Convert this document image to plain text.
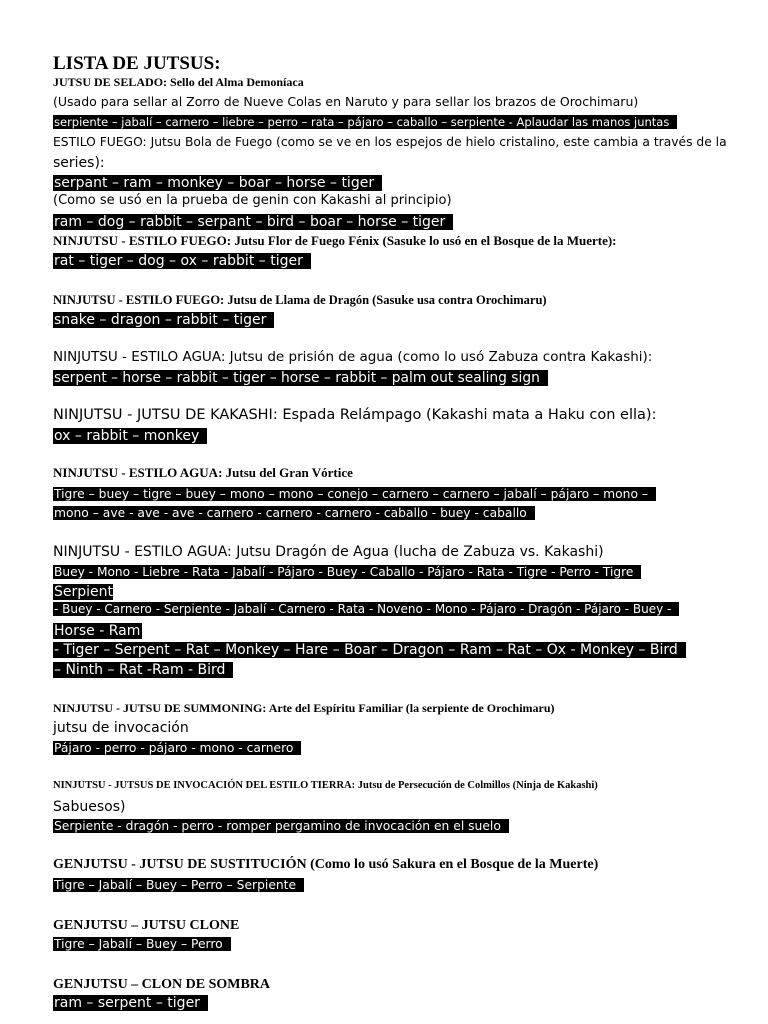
LISTA DE JUTSUS:
JUTSU DE SELADO: Sello del Alma Demoníaca
(Usado para sellar al Zorro de Nueve Colas en Naruto y para sellar los brazos de Orochimaru)
serpiente – jabalí – carnero – liebre – perro – rata – pájaro – caballo – serpiente - Aplaudar las manos juntas
ESTILO FUEGO: Jutsu Bola de Fuego (como se ve en los espejos de hielo cristalino, este cambia a través de la
series):
serpant – ram – monkey – boar – horse – tiger
(Como se usó en la prueba de genin con Kakashi al principio)
ram – dog – rabbit – serpant – bird – boar – horse – tiger
NINJUTSU - ESTILO FUEGO: Jutsu Flor de Fuego Fénix (Sasuke lo usó en el Bosque de la Muerte):
rat – tiger – dog – ox – rabbit – tiger
NINJUTSU - ESTILO FUEGO: Jutsu de Llama de Dragón (Sasuke usa contra Orochimaru)
snake – dragon – rabbit – tiger
NINJUTSU - ESTILO AGUA: Jutsu de prisión de agua (como lo usó Zabuza contra Kakashi):
serpent – horse – rabbit – tiger – horse – rabbit – palm out sealing sign
NINJUTSU - JUTSU DE KAKASHI: Espada Relámpago (Kakashi mata a Haku con ella):
ox – rabbit – monkey
NINJUTSU - ESTILO AGUA: Jutsu del Gran Vórtice
Tigre – buey – tigre – buey – mono – mono – conejo – carnero – carnero – jabalí – pájaro – mono –
mono – ave - ave - ave - carnero - carnero - carnero - caballo - buey - caballo
NINJUTSU - ESTILO AGUA: Jutsu Dragón de Agua (lucha de Zabuza vs. Kakashi)
Buey - Mono - Liebre - Rata - Jabalí - Pájaro - Buey - Caballo - Pájaro - Rata - Tigre - Perro - Tigre
Serpient
- Buey - Carnero - Serpiente - Jabalí - Carnero - Rata - Noveno - Mono - Pájaro - Dragón - Pájaro - Buey -
Horse - Ram
- Tiger – Serpent – Rat – Monkey – Hare – Boar – Dragon – Ram – Rat – Ox - Monkey – Bird
– Ninth – Rat -Ram - Bird
NINJUTSU - JUTSU DE SUMMONING: Arte del Espíritu Familiar (la serpiente de Orochimaru)
jutsu de invocación
Pájaro - perro - pájaro - mono - carnero
NINJUTSU - JUTSUS DE INVOCACIÓN DEL ESTILO TIERRA: Jutsu de Persecución de Colmillos (Ninja de Kakashi)
Sabuesos)
Serpiente - dragón - perro - romper pergamino de invocación en el suelo
GENJUTSU - JUTSU DE SUSTITUCIÓN (Como lo usó Sakura en el Bosque de la Muerte)
Tigre – Jabalí – Buey – Perro – Serpiente
GENJUTSU – JUTSU CLONE
Tigre – Jabalí – Buey – Perro
GENJUTSU – CLON DE SOMBRA
ram – serpent – tiger
